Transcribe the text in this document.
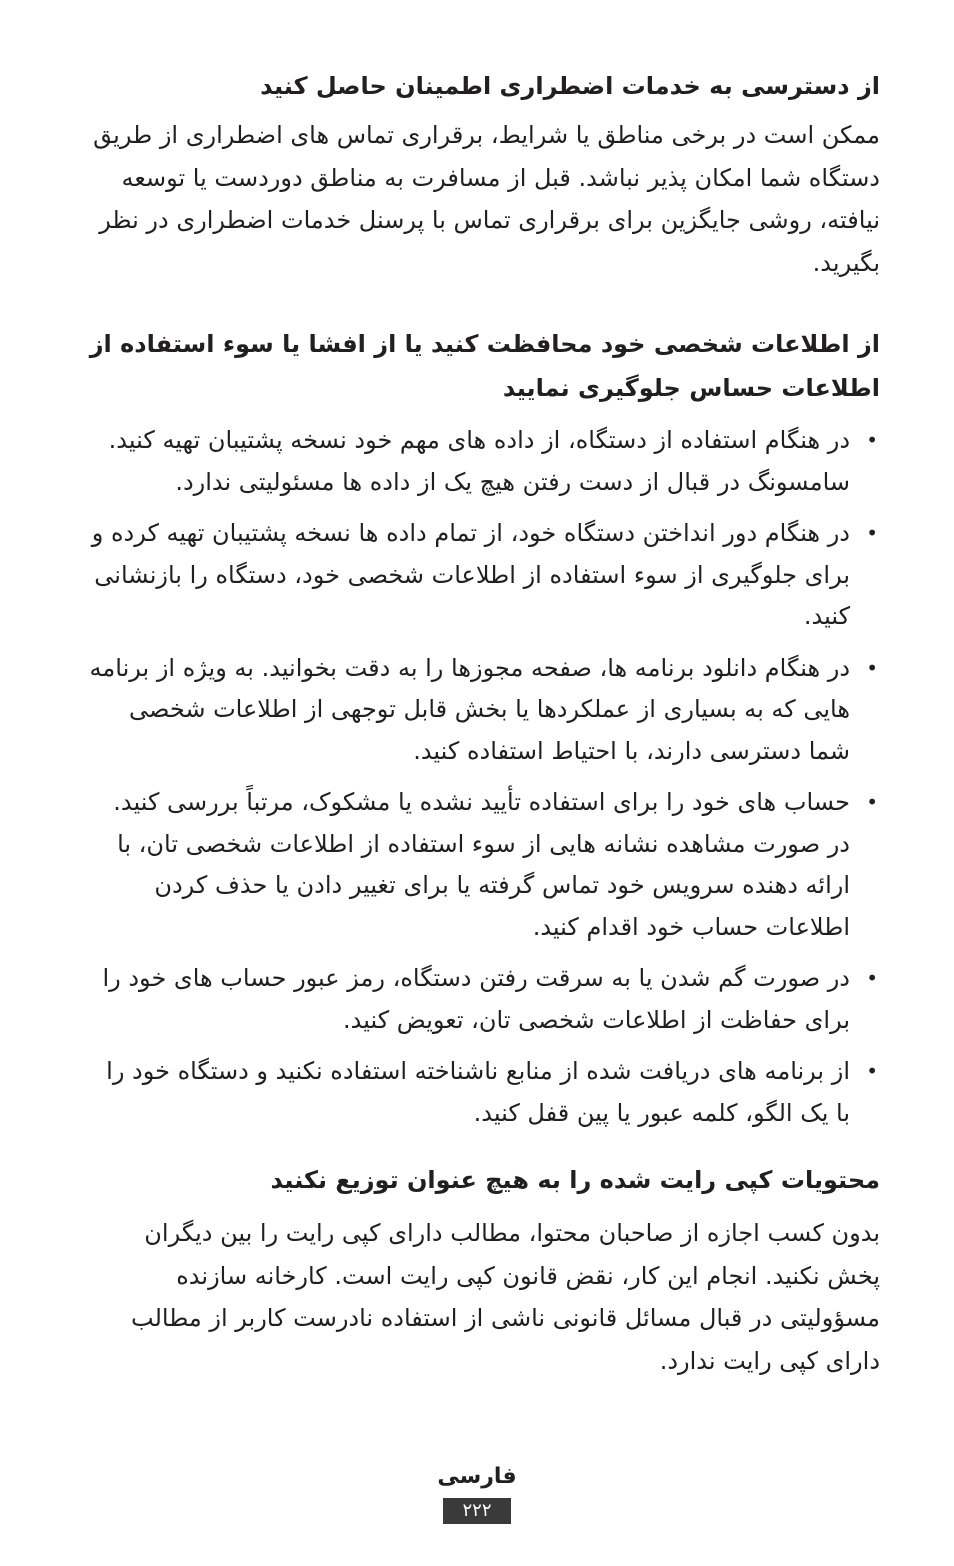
از دسترسی به خدمات اضطراری اطمینان حاصل کنید

ممکن است در برخی مناطق یا شرایط، برقراری تماس های اضطراری از طریق دستگاه شما امکان پذیر نباشد. قبل از مسافرت به مناطق دوردست یا توسعه نیافته، روشی جایگزین برای برقراری تماس با پرسنل خدمات اضطراری در نظر بگیرید.

از اطلاعات شخصی خود محافظت کنید یا از افشا یا سوء استفاده از اطلاعات حساس جلوگیری نمایید
•
در هنگام استفاده از دستگاه، از داده های مهم خود نسخه پشتیبان تهیه کنید. سامسونگ در قبال از دست رفتن هیچ یک از داده ها مسئولیتی ندارد.
•
در هنگام دور انداختن دستگاه خود، از تمام داده ها نسخه پشتیبان تهیه کرده و برای جلوگیری از سوء استفاده از اطلاعات شخصی خود، دستگاه را بازنشانی کنید.
•
در هنگام دانلود برنامه ها، صفحه مجوزها را به دقت بخوانید. به ویژه از برنامه هایی که به بسیاری از عملکردها یا بخش قابل توجهی از اطلاعات شخصی شما دسترسی دارند، با احتیاط استفاده کنید.
•
حساب های خود را برای استفاده تأیید نشده یا مشکوک، مرتباً بررسی کنید. در صورت مشاهده نشانه هایی از سوء استفاده از اطلاعات شخصی تان، با ارائه دهنده سرویس خود تماس گرفته یا برای تغییر دادن یا حذف کردن اطلاعات حساب خود اقدام کنید.
•
در صورت گم شدن یا به سرقت رفتن دستگاه، رمز عبور حساب های خود را برای حفاظت از اطلاعات شخصی تان، تعویض کنید.
•
از برنامه های دریافت شده از منابع ناشناخته استفاده نکنید و دستگاه خود را با یک الگو، کلمه عبور یا پین قفل کنید.
محتویات کپی رایت شده را به هیچ عنوان توزیع نکنید

بدون کسب اجازه از صاحبان محتوا، مطالب دارای کپی رایت را بین دیگران پخش نکنید. انجام این کار، نقض قانون کپی رایت است. کارخانه سازنده مسؤولیتی در قبال مسائل قانونی ناشی از استفاده نادرست کاربر از مطالب دارای کپی رایت ندارد.

فارسی
۲۲۲
